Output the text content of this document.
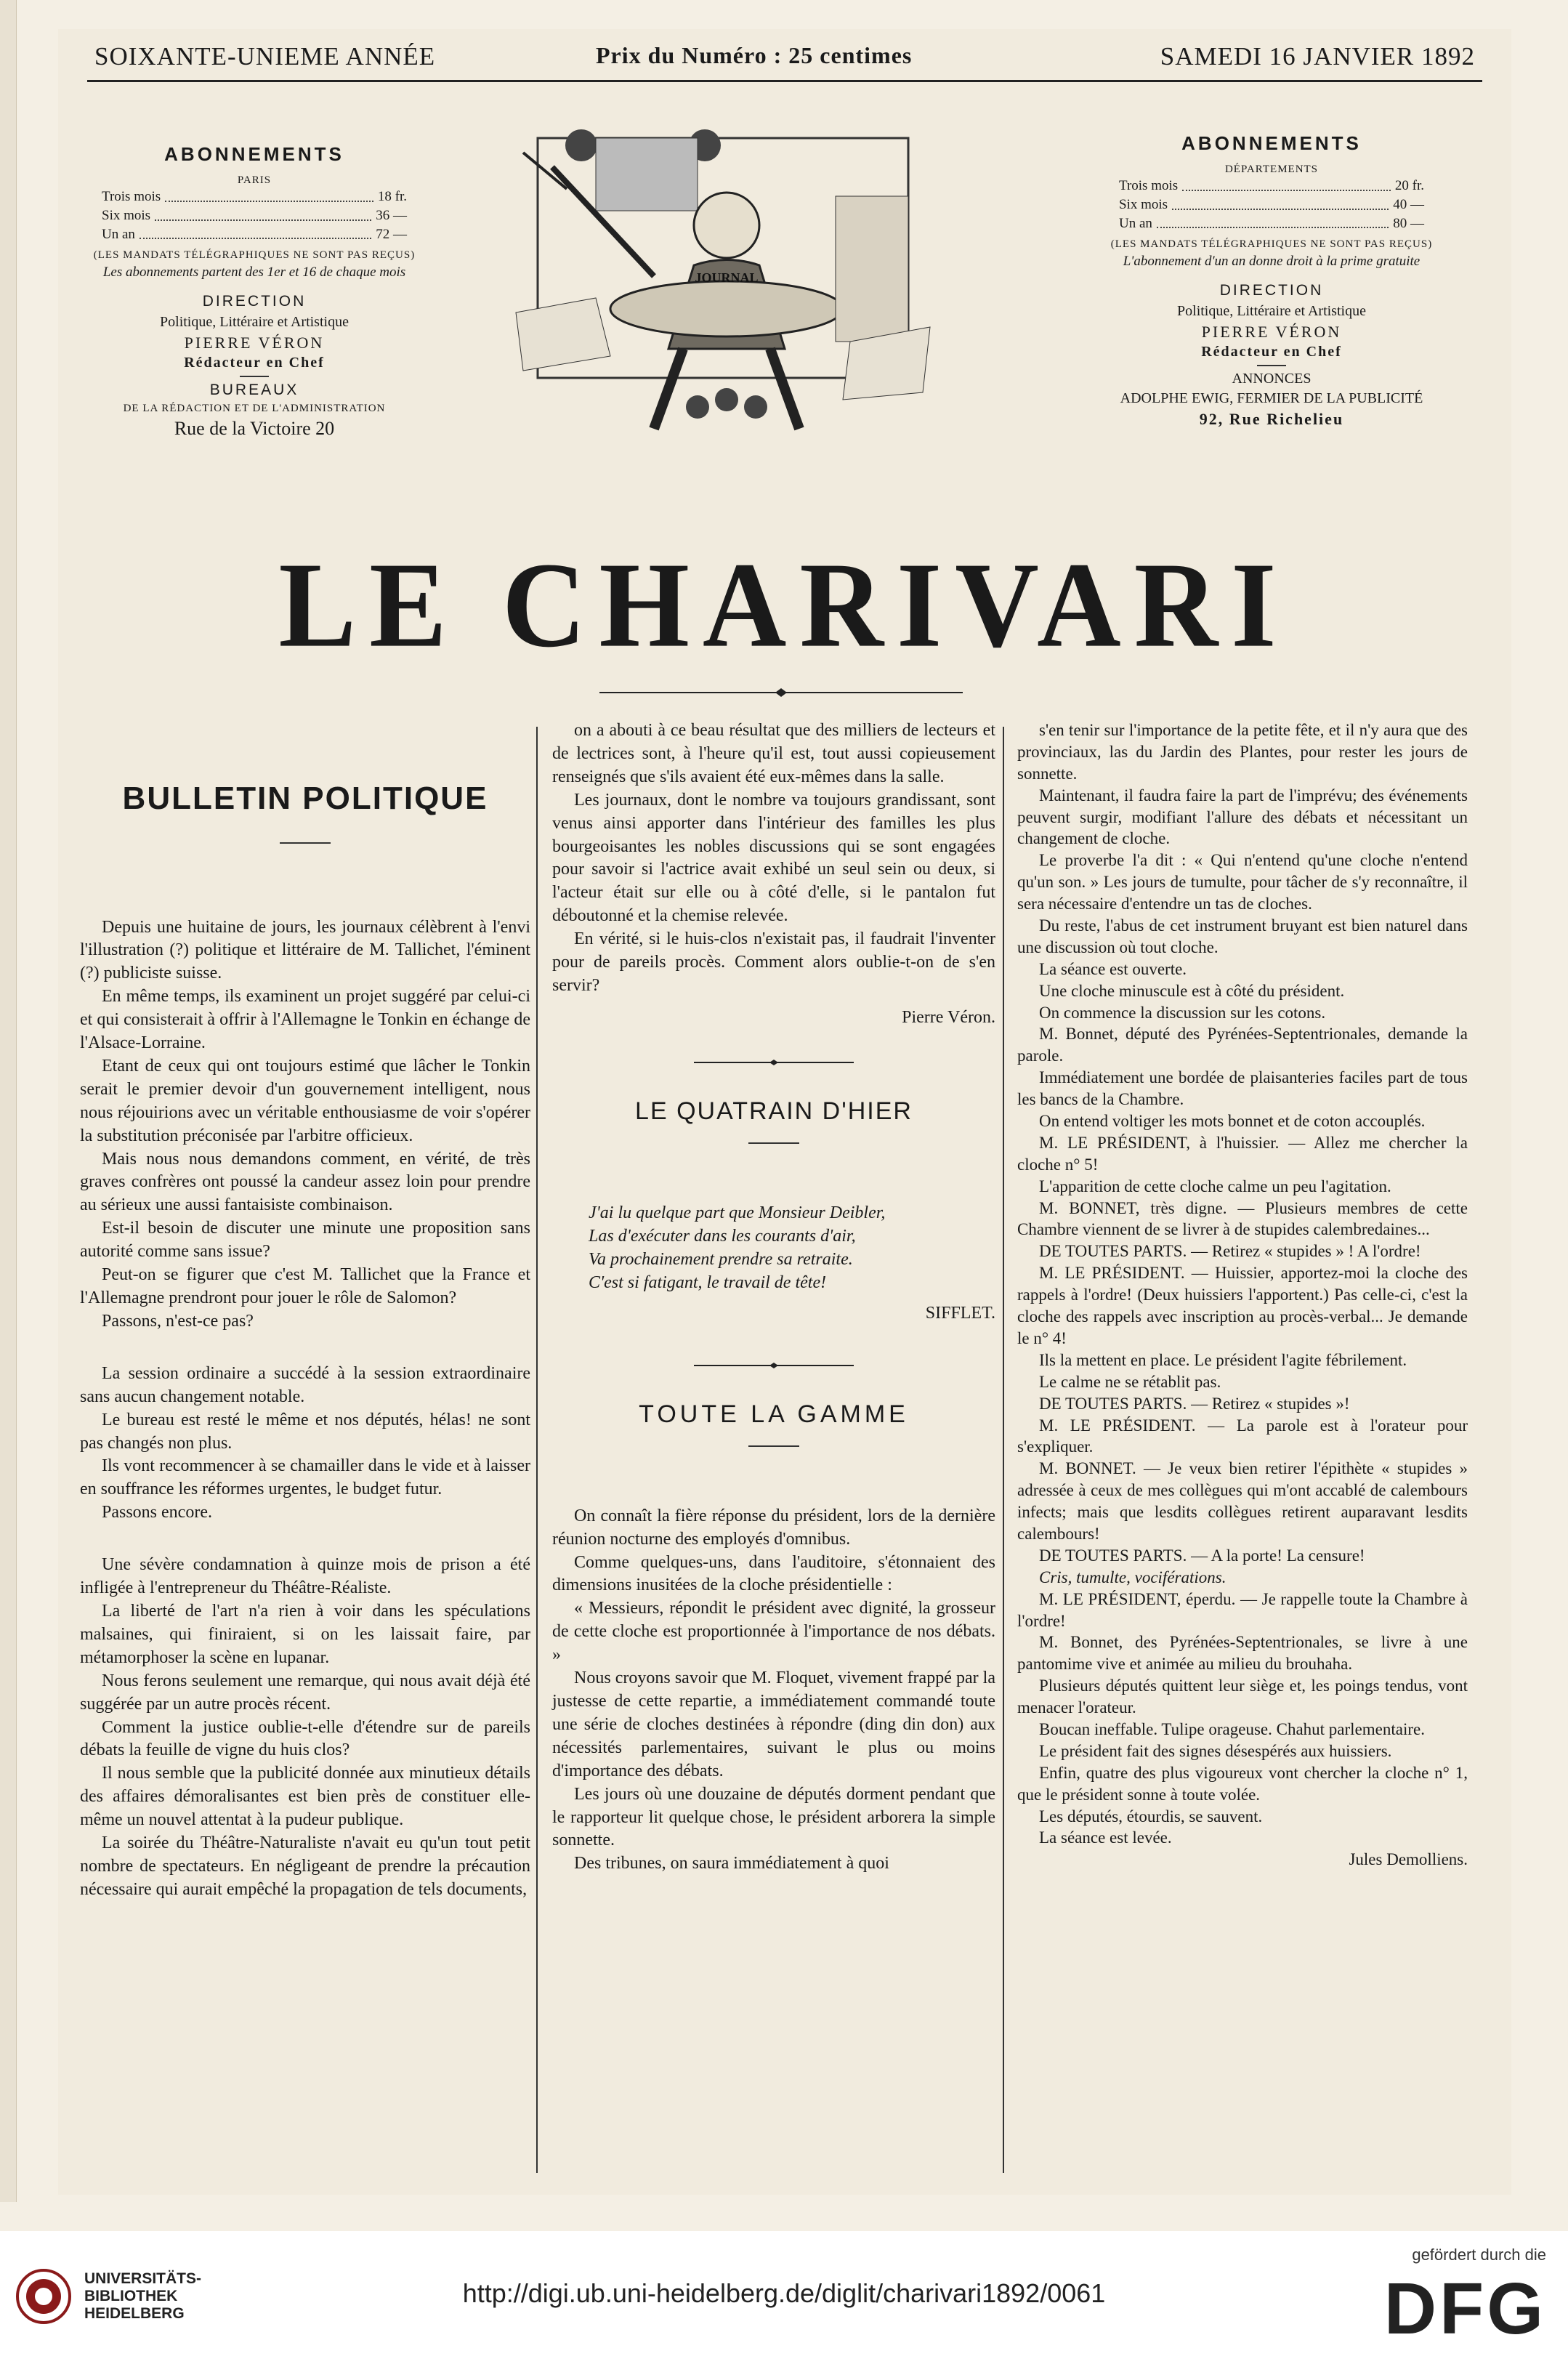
SOIXANTE-UNIEME ANNÉE	Prix du Numéro : 25 centimes	SAMEDI 16 JANVIER 1892
ABONNEMENTS
PARIS
Trois mois	18 fr.
Six mois	36 —
Un an	72 —
(LES MANDATS TÉLÉGRAPHIQUES NE SONT PAS REÇUS)
Les abonnements partent des 1er et 16 de chaque mois
DIRECTION
Politique, Littéraire et Artistique
PIERRE VÉRON
Rédacteur en Chef
BUREAUX
DE LA RÉDACTION ET DE L'ADMINISTRATION
Rue de la Victoire 20
JOURNAL
ABONNEMENTS
DÉPARTEMENTS
Trois mois	20 fr.
Six mois	40 —
Un an	80 —
(LES MANDATS TÉLÉGRAPHIQUES NE SONT PAS REÇUS)
L'abonnement d'un an donne droit à la prime gratuite
DIRECTION
Politique, Littéraire et Artistique
PIERRE VÉRON
Rédacteur en Chef
ANNONCES
ADOLPHE EWIG, FERMIER DE LA PUBLICITÉ
92, Rue Richelieu
LE CHARIVARI
BULLETIN POLITIQUE

Depuis une huitaine de jours, les journaux célèbrent à l'envi l'illustration (?) politique et littéraire de M. Tallichet, l'éminent (?) publiciste suisse.

En même temps, ils examinent un projet suggéré par celui-ci et qui consisterait à offrir à l'Allemagne le Tonkin en échange de l'Alsace-Lorraine.

Etant de ceux qui ont toujours estimé que lâcher le Tonkin serait le premier devoir d'un gouvernement intelligent, nous nous réjouirions avec un véritable enthousiasme de voir s'opérer la substitution préconisée par l'arbitre officieux.

Mais nous nous demandons comment, en vérité, de très graves confrères ont poussé la candeur assez loin pour prendre au sérieux une aussi fantaisiste combinaison.

Est-il besoin de discuter une minute une proposition sans autorité comme sans issue?

Peut-on se figurer que c'est M. Tallichet que la France et l'Allemagne prendront pour jouer le rôle de Salomon?

Passons, n'est-ce pas?

La session ordinaire a succédé à la session extraordinaire sans aucun changement notable.

Le bureau est resté le même et nos députés, hélas! ne sont pas changés non plus.

Ils vont recommencer à se chamailler dans le vide et à laisser en souffrance les réformes urgentes, le budget futur.

Passons encore.

Une sévère condamnation à quinze mois de prison a été infligée à l'entrepreneur du Théâtre-Réaliste.

La liberté de l'art n'a rien à voir dans les spéculations malsaines, qui finiraient, si on les laissait faire, par métamorphoser la scène en lupanar.

Nous ferons seulement une remarque, qui nous avait déjà été suggérée par un autre procès récent.

Comment la justice oublie-t-elle d'étendre sur de pareils débats la feuille de vigne du huis clos?

Il nous semble que la publicité donnée aux minutieux détails des affaires démoralisantes est bien près de constituer elle-même un nouvel attentat à la pudeur publique.

La soirée du Théâtre-Naturaliste n'avait eu qu'un tout petit nombre de spectateurs. En négligeant de prendre la précaution nécessaire qui aurait empêché la propagation de tels documents,

on a abouti à ce beau résultat que des milliers de lecteurs et de lectrices sont, à l'heure qu'il est, tout aussi copieusement renseignés que s'ils avaient été eux-mêmes dans la salle.

Les journaux, dont le nombre va toujours grandissant, sont venus ainsi apporter dans l'intérieur des familles les plus bourgeoisantes les nobles discussions qui se sont engagées pour savoir si l'actrice avait exhibé un seul sein ou deux, si l'acteur était sur elle ou à côté d'elle, si le pantalon fut déboutonné et la chemise relevée.

En vérité, si le huis-clos n'existait pas, il faudrait l'inventer pour de pareils procès. Comment alors oublie-t-on de s'en servir?

Pierre Véron.

LE QUATRAIN D'HIER
J'ai lu quelque part que Monsieur Deibler,
Las d'exécuter dans les courants d'air,
Va prochainement prendre sa retraite.
C'est si fatigant, le travail de tête!

SIFFLET.

TOUTE LA GAMME

On connaît la fière réponse du président, lors de la dernière réunion nocturne des employés d'omnibus.

Comme quelques-uns, dans l'auditoire, s'étonnaient des dimensions inusitées de la cloche présidentielle :

« Messieurs, répondit le président avec dignité, la grosseur de cette cloche est proportionnée à l'importance de nos débats. »

Nous croyons savoir que M. Floquet, vivement frappé par la justesse de cette repartie, a immédiatement commandé toute une série de cloches destinées à répondre (ding din don) aux nécessités parlementaires, suivant le plus ou moins d'importance des débats.

Les jours où une douzaine de députés dorment pendant que le rapporteur lit quelque chose, le président arborera la simple sonnette.

Des tribunes, on saura immédiatement à quoi

s'en tenir sur l'importance de la petite fête, et il n'y aura que des provinciaux, las du Jardin des Plantes, pour rester les jours de sonnette.

Maintenant, il faudra faire la part de l'imprévu; des événements peuvent surgir, modifiant l'allure des débats et nécessitant un changement de cloche.

Le proverbe l'a dit : « Qui n'entend qu'une cloche n'entend qu'un son. » Les jours de tumulte, pour tâcher de s'y reconnaître, il sera nécessaire d'entendre un tas de cloches.

Du reste, l'abus de cet instrument bruyant est bien naturel dans une discussion où tout cloche.

La séance est ouverte.

Une cloche minuscule est à côté du président.

On commence la discussion sur les cotons.

M. Bonnet, député des Pyrénées-Septentrionales, demande la parole.

Immédiatement une bordée de plaisanteries faciles part de tous les bancs de la Chambre.

On entend voltiger les mots bonnet et de coton accouplés.

M. LE PRÉSIDENT, à l'huissier. — Allez me chercher la cloche n° 5!

L'apparition de cette cloche calme un peu l'agitation.

M. BONNET, très digne. — Plusieurs membres de cette Chambre viennent de se livrer à de stupides calembredaines...

DE TOUTES PARTS. — Retirez « stupides » ! A l'ordre!

M. LE PRÉSIDENT. — Huissier, apportez-moi la cloche des rappels à l'ordre! (Deux huissiers l'apportent.) Pas celle-ci, c'est la cloche des rappels avec inscription au procès-verbal... Je demande le n° 4!

Ils la mettent en place. Le président l'agite fébrilement.

Le calme ne se rétablit pas.

DE TOUTES PARTS. — Retirez « stupides »!

M. LE PRÉSIDENT. — La parole est à l'orateur pour s'expliquer.

M. BONNET. — Je veux bien retirer l'épithète « stupides » adressée à ceux de mes collègues qui m'ont accablé de calembours infects; mais que lesdits collègues retirent auparavant lesdits calembours!

DE TOUTES PARTS. — A la porte! La censure!

Cris, tumulte, vociférations.

M. LE PRÉSIDENT, éperdu. — Je rappelle toute la Chambre à l'ordre!

M. Bonnet, des Pyrénées-Septentrionales, se livre à une pantomime vive et animée au milieu du brouhaha.

Plusieurs députés quittent leur siège et, les poings tendus, vont menacer l'orateur.

Boucan ineffable. Tulipe orageuse. Chahut parlementaire.

Le président fait des signes désespérés aux huissiers.

Enfin, quatre des plus vigoureux vont chercher la cloche n° 1, que le président sonne à toute volée.

Les députés, étourdis, se sauvent.

La séance est levée.

Jules Demolliens.

UNIVERSITÄTS-
BIBLIOTHEK
HEIDELBERG
http://digi.ub.uni-heidelberg.de/diglit/charivari1892/0061
gefördert durch die
DFG
